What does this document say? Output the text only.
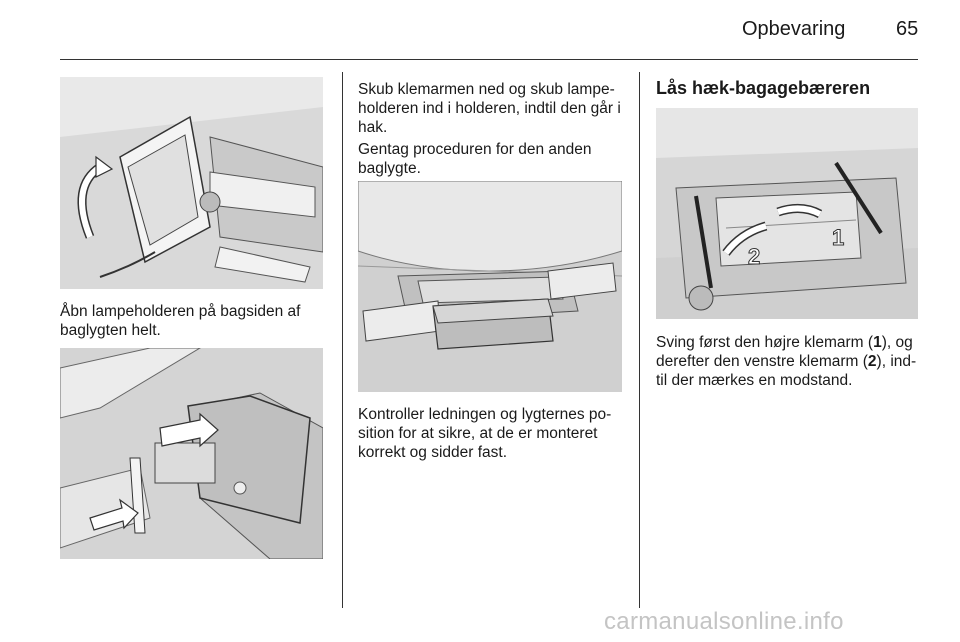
Opbevaring	65
Åbn lampeholderen på bagsiden af baglygten helt.
Skub klemarmen ned og skub lampeholderen ind i holderen, indtil den går i hak.
Gentag proceduren for den anden baglygte.
Kontroller ledningen og lygternes position for at sikre, at de er monteret korrekt og sidder fast.
Lås hæk-bagagebæreren
1
2
Sving først den højre klemarm (1), og derefter den venstre klemarm (2), indtil der mærkes en modstand.
carmanualsonline.info
